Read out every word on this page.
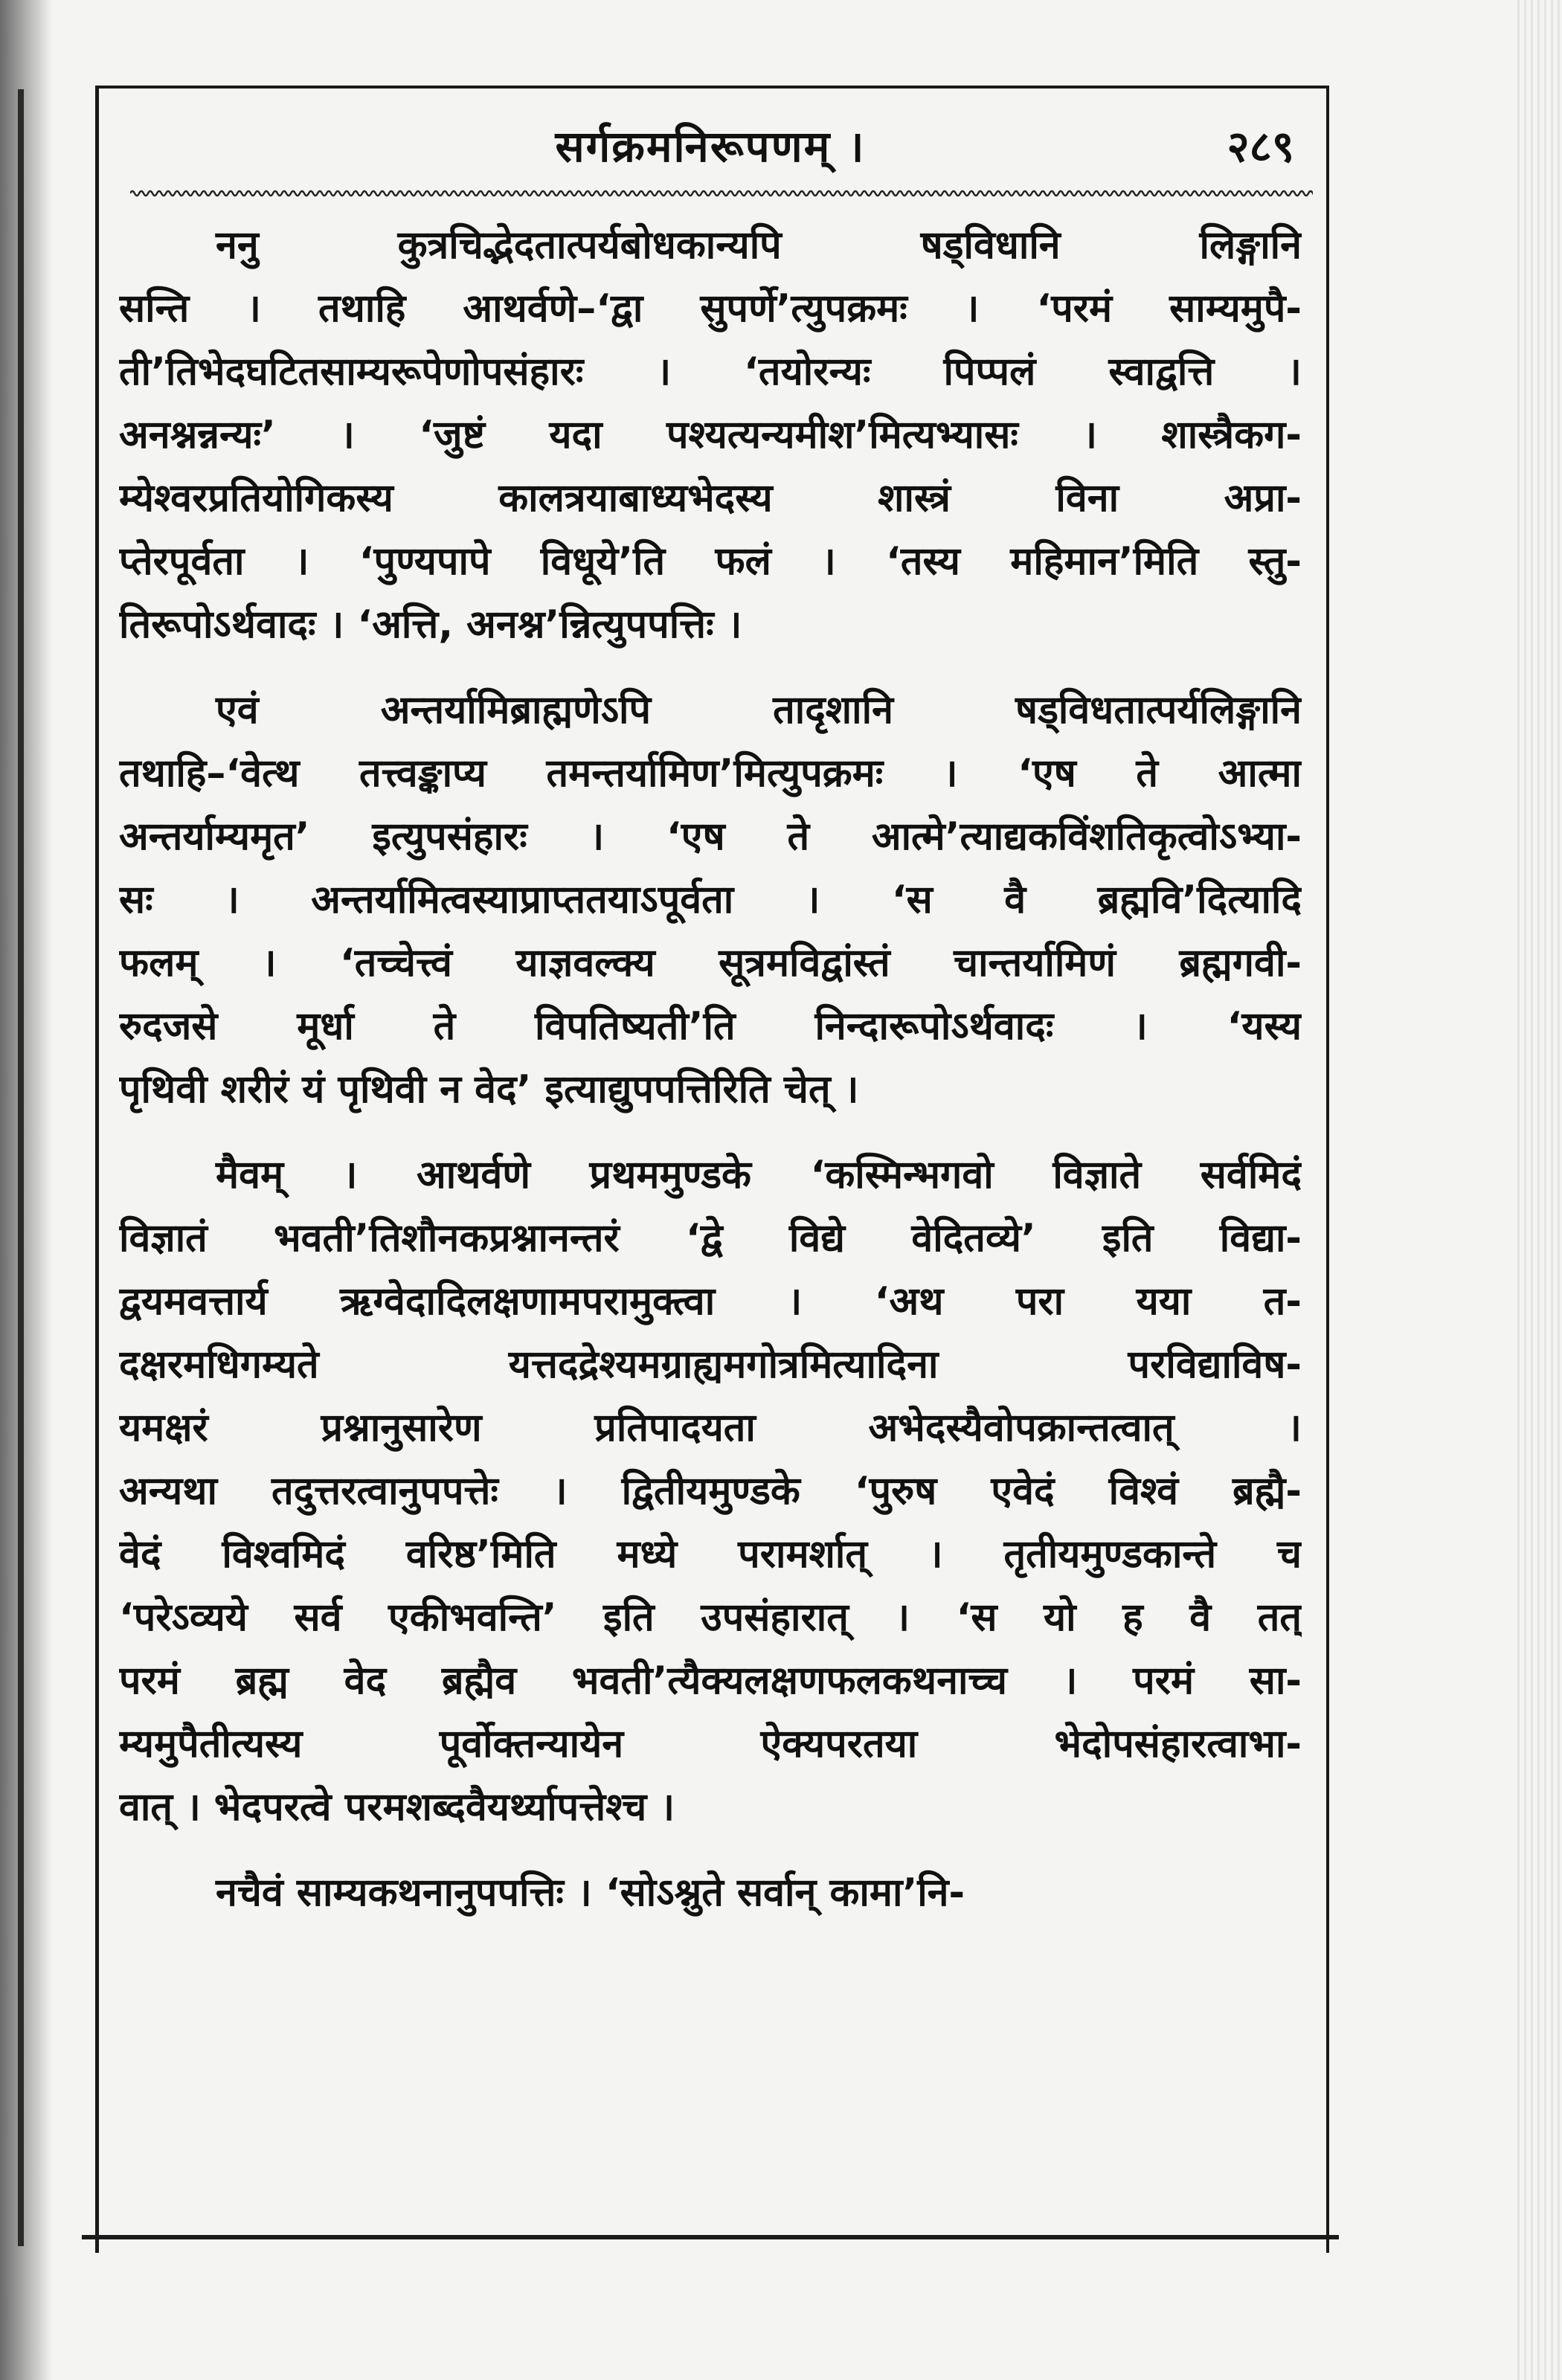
सर्गक्रमनिरूपणम् ।	२८९
ननु कुत्रचिद्भेदतात्पर्यबोधकान्यपि षड्विधानि लिङ्गानि
सन्ति । तथाहि आथर्वणे–‘द्वा सुपर्णे’त्युपक्रमः । ‘परमं साम्यमुपै-
ती’तिभेदघटितसाम्यरूपेणोपसंहारः । ‘तयोरन्यः पिप्पलं स्वाद्वत्ति ।
अनश्नन्नन्यः’ । ‘जुष्टं यदा पश्यत्यन्यमीश’मित्यभ्यासः । शास्त्रैकग-
म्येश्वरप्रतियोगिकस्य कालत्रयाबाध्यभेदस्य शास्त्रं विना अप्रा-
प्तेरपूर्वता । ‘पुण्यपापे विधूये’ति फलं । ‘तस्य महिमान’मिति स्तु-
तिरूपोऽर्थवादः । ‘अत्ति, अनश्न’न्नित्युपपत्तिः ।
एवं अन्तर्यामिब्राह्मणेऽपि तादृशानि षड्विधतात्पर्यलिङ्गानि
तथाहि–‘वेत्थ तत्त्वङ्काप्य तमन्तर्यामिण’मित्युपक्रमः । ‘एष ते आत्मा
अन्तर्याम्यमृत’ इत्युपसंहारः । ‘एष ते आत्मे’त्याद्यकविंशतिकृत्वोऽभ्या-
सः । अन्तर्यामित्वस्याप्राप्ततयाऽपूर्वता । ‘स वै ब्रह्मवि’दित्यादि
फलम् । ‘तच्चेत्त्वं याज्ञवल्क्य सूत्रमविद्वांस्तं चान्तर्यामिणं ब्रह्मगवी-
रुदजसे मूर्धा ते विपतिष्यती’ति निन्दारूपोऽर्थवादः । ‘यस्य
पृथिवी शरीरं यं पृथिवी न वेद’ इत्याद्युपपत्तिरिति चेत् ।
मैवम् । आथर्वणे प्रथममुण्डके ‘कस्मिन्भगवो विज्ञाते सर्वमिदं
विज्ञातं भवती’तिशौनकप्रश्नानन्तरं ‘द्वे विद्ये वेदितव्ये’ इति विद्या-
द्वयमवत्तार्य ऋग्वेदादिलक्षणामपरामुक्त्वा । ‘अथ परा यया त-
दक्षरमधिगम्यते यत्तदद्रेश्यमग्राह्यमगोत्रमित्यादिना परविद्याविष-
यमक्षरं प्रश्नानुसारेण प्रतिपादयता अभेदस्यैवोपक्रान्तत्वात् ।
अन्यथा तदुत्तरत्वानुपपत्तेः । द्वितीयमुण्डके ‘पुरुष एवेदं विश्वं ब्रह्मै-
वेदं विश्वमिदं वरिष्ठ’मिति मध्ये परामर्शात् । तृतीयमुण्डकान्ते च
‘परेऽव्यये सर्व एकीभवन्ति’ इति उपसंहारात् । ‘स यो ह वै तत्
परमं ब्रह्म वेद ब्रह्मैव भवती’त्यैक्यलक्षणफलकथनाच्च । परमं सा-
म्यमुपैतीत्यस्य पूर्वोक्तन्यायेन ऐक्यपरतया भेदोपसंहारत्वाभा-
वात् । भेदपरत्वे परमशब्दवैयर्थ्यापत्तेश्च ।
नचैवं साम्यकथनानुपपत्तिः । ‘सोऽश्नुते सर्वान् कामा’नि-
